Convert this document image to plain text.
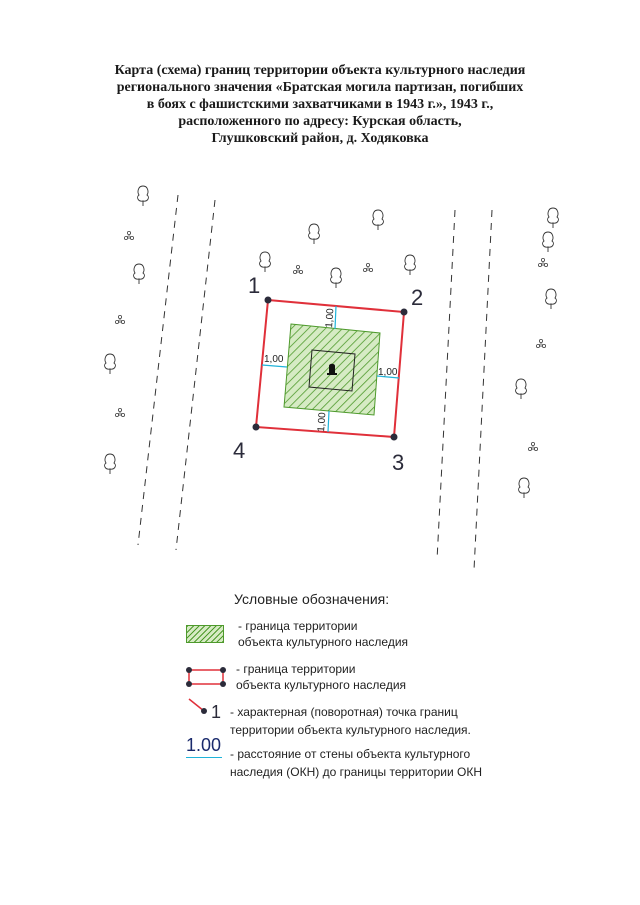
Карта (схема) границ территории объекта культурного наследия
регионального значения «Братская могила партизан, погибших
в боях с фашистскими захватчиками в 1943 г.», 1943 г.,
расположенного по адресу: Курская область,
Глушковский район, д. Ходяковка
1,00
1,00
1,00
1,00
1	2
3
4
1
Условные обозначения:
- граница территории
объекта культурного наследия
- граница территории
объекта культурного наследия
- характерная (поворотная) точка границ
территории объекта культурного наследия.
1.00 - расстояние от стены объекта культурного
наследия (ОКН) до границы территории ОКН
